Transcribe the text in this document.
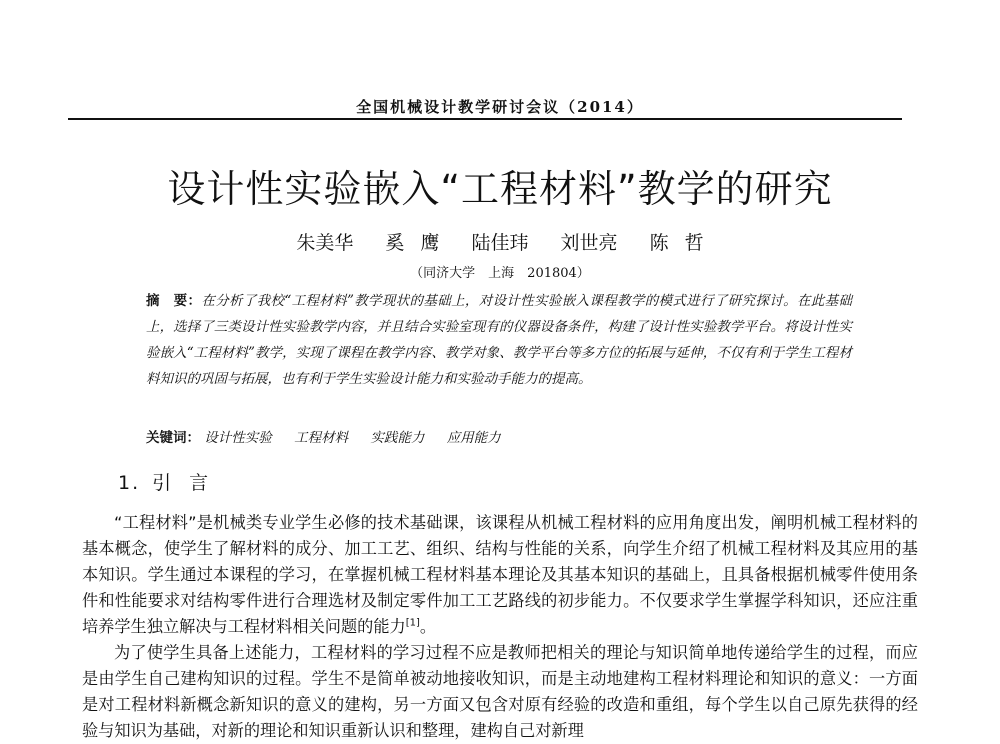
全国机械设计教学研讨会议（2014）
设计性实验嵌入“工程材料”教学的研究
朱美华 奚 鹰 陆佳玮 刘世亮 陈 哲
（同济大学　上海　201804）
摘　要：在分析了我校“工程材料”教学现状的基础上，对设计性实验嵌入课程教学的模式进行了研究探讨。在此基础上，选择了三类设计性实验教学内容，并且结合实验室现有的仪器设备条件，构建了设计性实验教学平台。将设计性实验嵌入“工程材料”教学，实现了课程在教学内容、教学对象、教学平台等多方位的拓展与延伸，不仅有利于学生工程材料知识的巩固与拓展，也有利于学生实验设计能力和实验动手能力的提高。
关键词： 设计性实验 工程材料 实践能力 应用能力
1. 引言

“工程材料”是机械类专业学生必修的技术基础课，该课程从机械工程材料的应用角度出发，阐明机械工程材料的基本概念，使学生了解材料的成分、加工工艺、组织、结构与性能的关系，向学生介绍了机械工程材料及其应用的基本知识。学生通过本课程的学习，在掌握机械工程材料基本理论及其基本知识的基础上，且具备根据机械零件使用条件和性能要求对结构零件进行合理选材及制定零件加工工艺路线的初步能力。不仅要求学生掌握学科知识，还应注重培养学生独立解决与工程材料相关问题的能力[1]。

为了使学生具备上述能力，工程材料的学习过程不应是教师把相关的理论与知识简单地传递给学生的过程，而应是由学生自己建构知识的过程。学生不是简单被动地接收知识，而是主动地建构工程材料理论和知识的意义：一方面是对工程材料新概念新知识的意义的建构，另一方面又包含对原有经验的改造和重组，每个学生以自己原先获得的经验与知识为基础，对新的理论和知识重新认识和整理，建构自己对新理
